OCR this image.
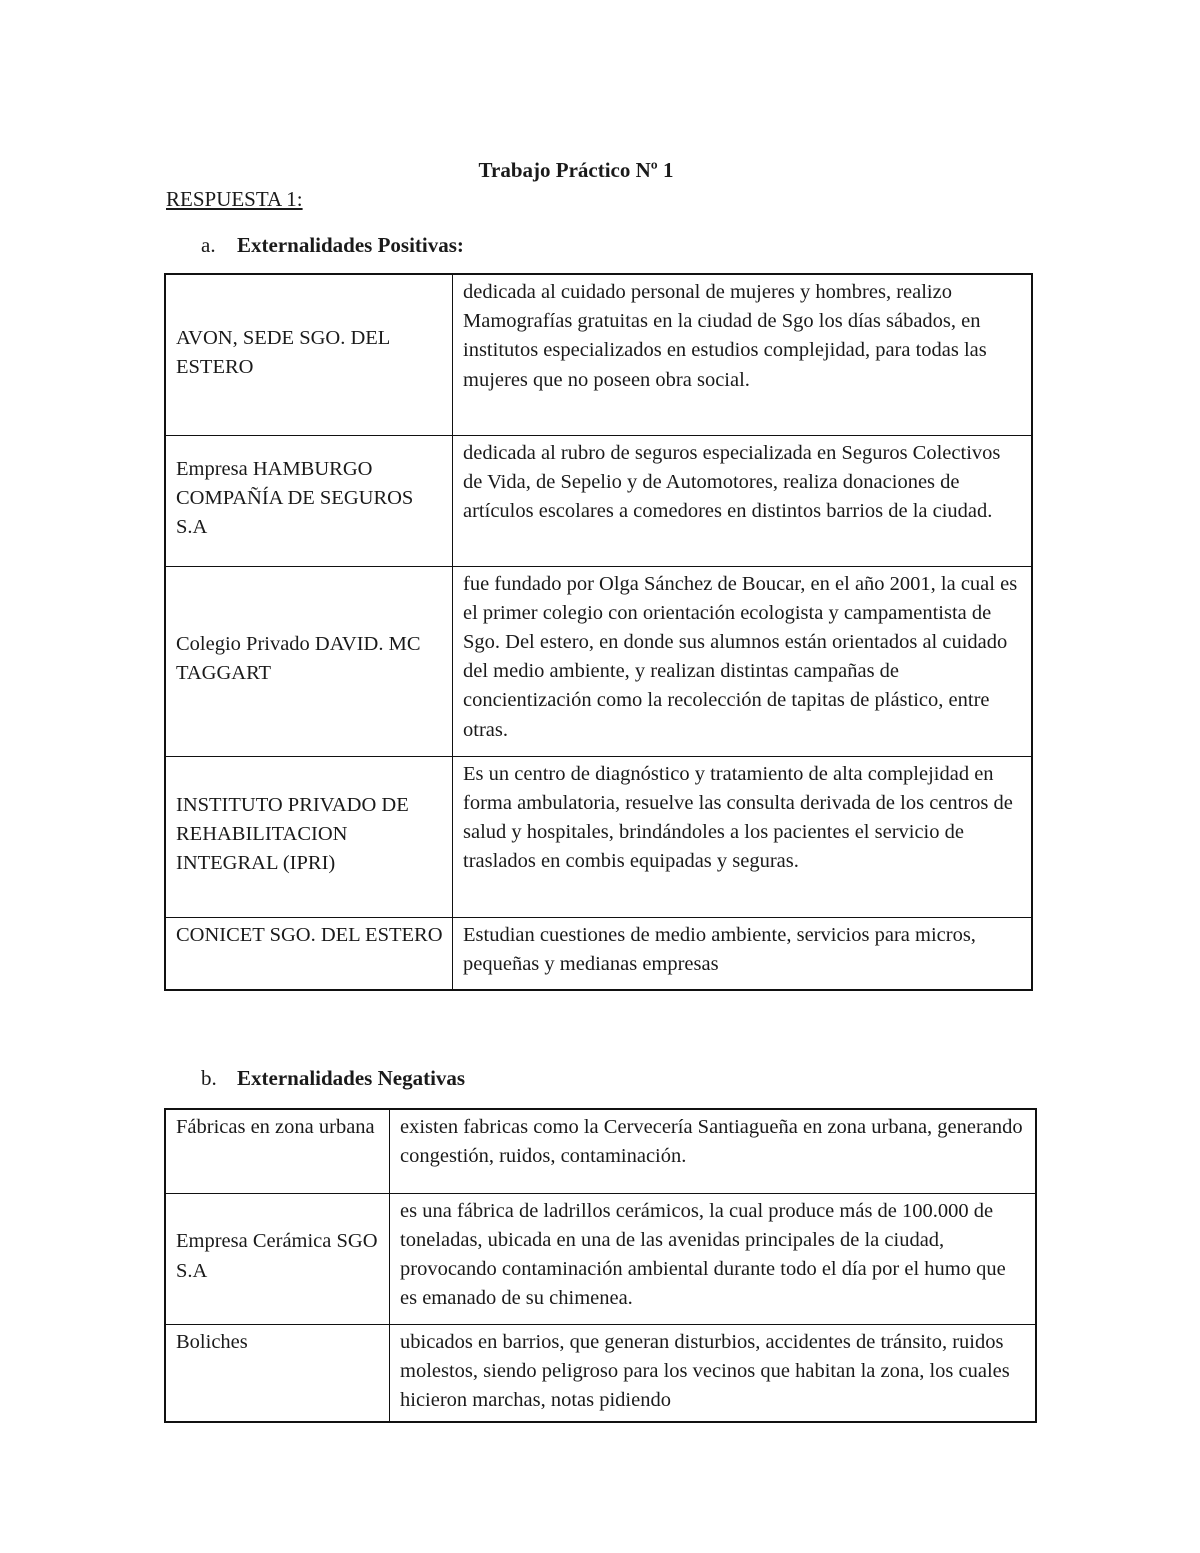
Trabajo Práctico Nº 1

RESPUESTA 1:

a. Externalidades Positivas:

AVON, SEDE SGO. DEL ESTERO	dedicada al cuidado personal de mujeres y hombres, realizo Mamografías gratuitas en la ciudad de Sgo los días sábados, en institutos especializados en estudios complejidad, para todas las mujeres que no poseen obra social.
Empresa HAMBURGO COMPAÑÍA DE SEGUROS S.A	dedicada al rubro de seguros especializada en Seguros Colectivos de Vida, de Sepelio y de Automotores, realiza donaciones de artículos escolares a comedores en distintos barrios de la ciudad.
Colegio Privado DAVID. MC TAGGART	fue fundado por Olga Sánchez de Boucar, en el año 2001, la cual es el primer colegio con orientación ecologista y campamentista de Sgo. Del estero, en donde sus alumnos están orientados al cuidado del medio ambiente, y realizan distintas campañas de concientización como la recolección de tapitas de plástico, entre otras.
INSTITUTO PRIVADO DE REHABILITACION INTEGRAL (IPRI)	Es un centro de diagnóstico y tratamiento de alta complejidad en forma ambulatoria, resuelve las consulta derivada de los centros de salud y hospitales, brindándoles a los pacientes el servicio de traslados en combis equipadas y seguras.
CONICET SGO. DEL ESTERO	Estudian cuestiones de medio ambiente, servicios para micros, pequeñas y medianas empresas

b. Externalidades Negativas

Fábricas en zona urbana	existen fabricas como la Cervecería Santiagueña en zona urbana, generando congestión, ruidos, contaminación.
Empresa Cerámica SGO S.A	es una fábrica de ladrillos cerámicos, la cual produce más de 100.000 de toneladas, ubicada en una de las avenidas principales de la ciudad, provocando contaminación ambiental durante todo el día por el humo que es emanado de su chimenea.
Boliches	ubicados en barrios, que generan disturbios, accidentes de tránsito, ruidos molestos, siendo peligroso para los vecinos que habitan la zona, los cuales hicieron marchas, notas pidiendo
